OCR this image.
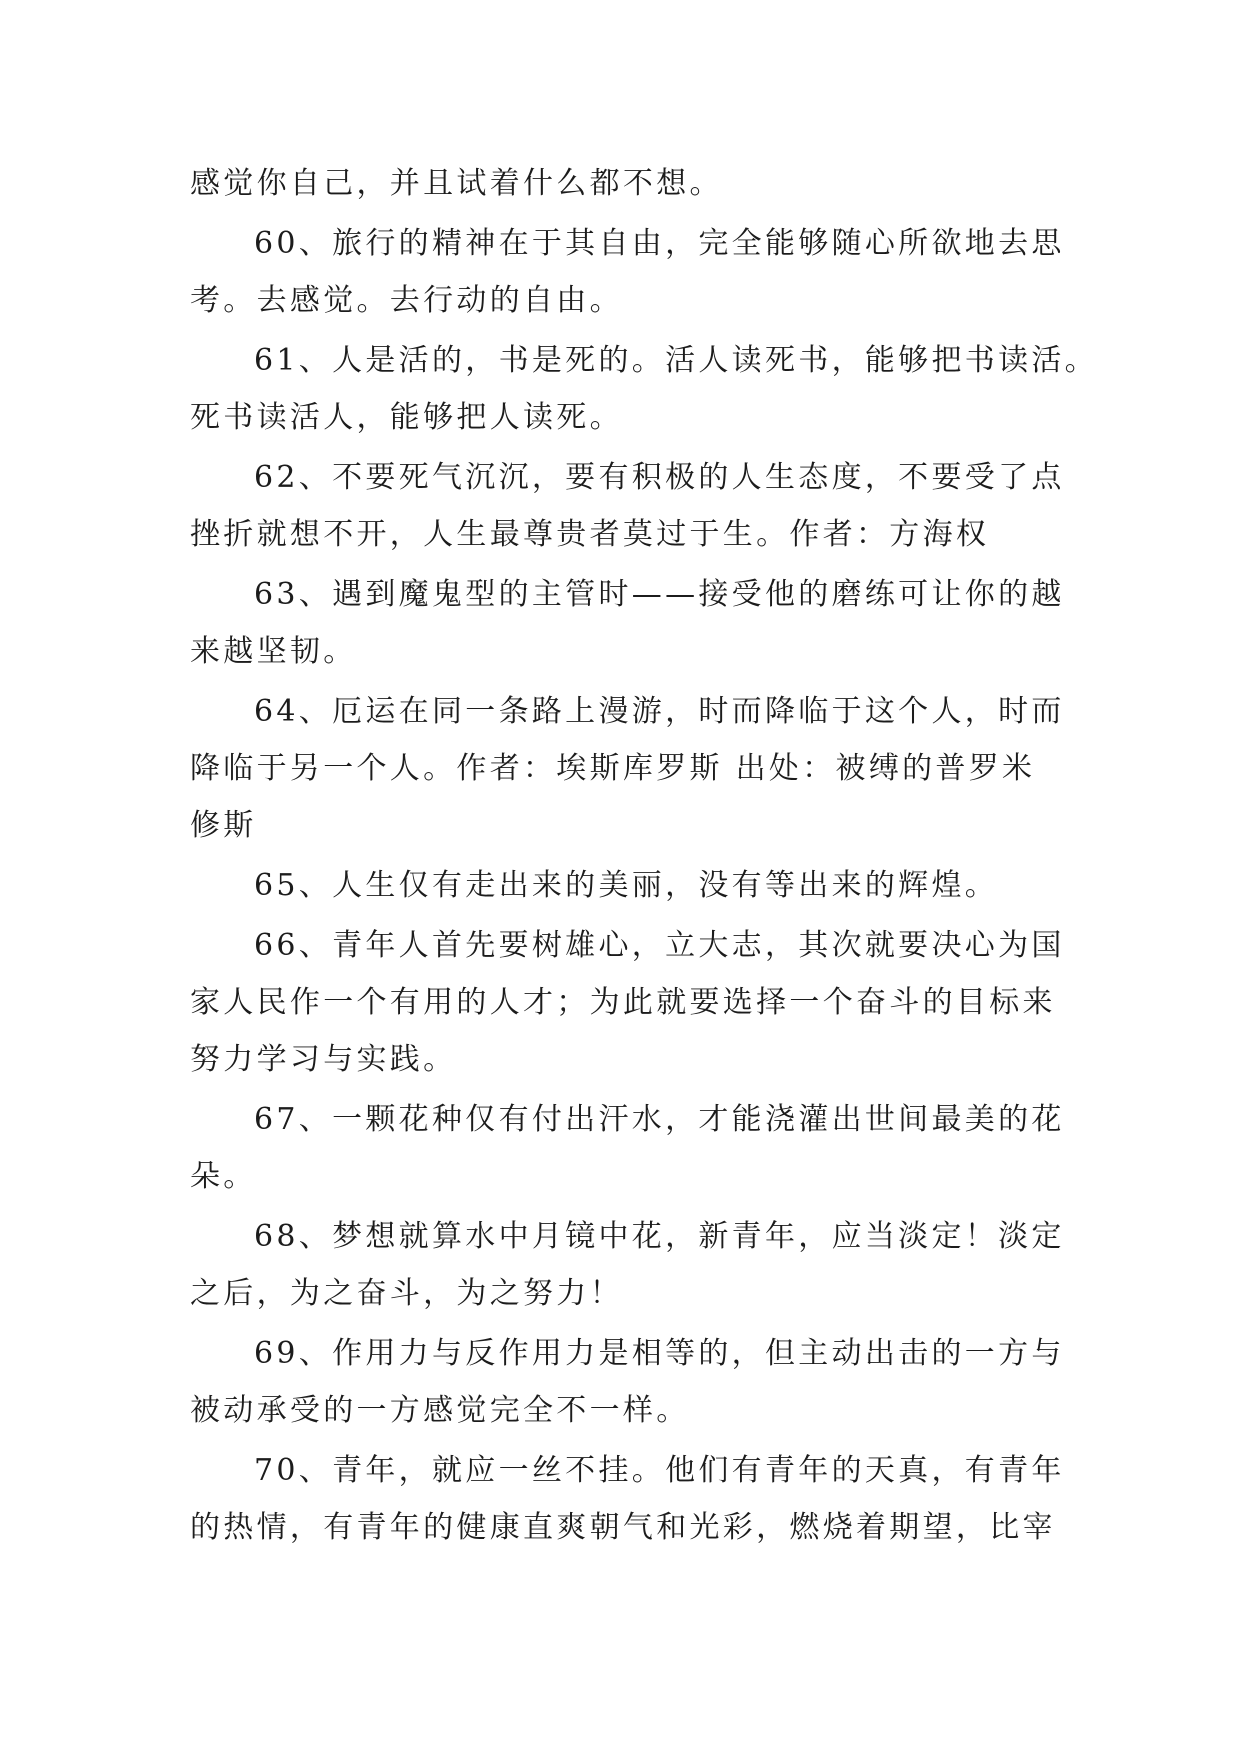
感觉你自己，并且试着什么都不想。
60、旅行的精神在于其自由，完全能够随心所欲地去思
考。去感觉。去行动的自由。
61、人是活的，书是死的。活人读死书，能够把书读活。
死书读活人，能够把人读死。
62、不要死气沉沉，要有积极的人生态度，不要受了点
挫折就想不开，人生最尊贵者莫过于生。作者：方海权
63、遇到魔鬼型的主管时——接受他的磨练可让你的越
来越坚韧。
64、厄运在同一条路上漫游，时而降临于这个人，时而
降临于另一个人。作者：埃斯库罗斯 出处：被缚的普罗米
修斯
65、人生仅有走出来的美丽，没有等出来的辉煌。
66、青年人首先要树雄心，立大志，其次就要决心为国
家人民作一个有用的人才；为此就要选择一个奋斗的目标来
努力学习与实践。
67、一颗花种仅有付出汗水，才能浇灌出世间最美的花
朵。
68、梦想就算水中月镜中花，新青年，应当淡定！淡定
之后，为之奋斗，为之努力！
69、作用力与反作用力是相等的，但主动出击的一方与
被动承受的一方感觉完全不一样。
70、青年，就应一丝不挂。他们有青年的天真，有青年
的热情，有青年的健康直爽朝气和光彩，燃烧着期望，比宰
